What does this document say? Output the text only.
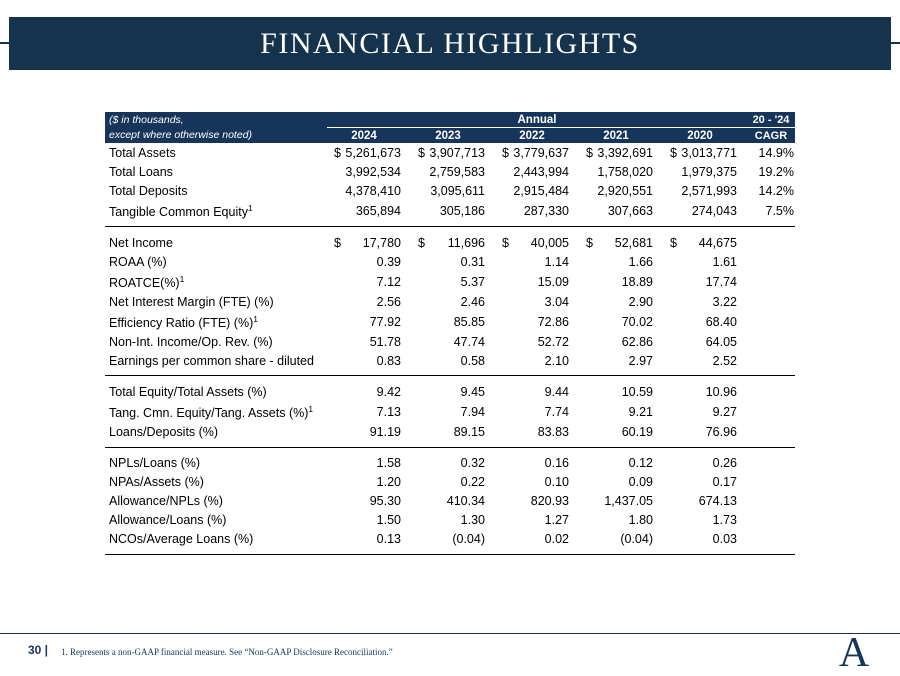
FINANCIAL HIGHLIGHTS
($ in thousands,	Annual					20 - '24
except where otherwise noted)	2024	2023	2022	2021	2020	CAGR
Total Assets	$ 5,261,673	$ 3,907,713	$ 3,779,637	$ 3,392,691	$ 3,013,771	14.9%
Total Loans	3,992,534	2,759,583	2,443,994	1,758,020	1,979,375	19.2%
Total Deposits	4,378,410	3,095,611	2,915,484	2,920,551	2,571,993	14.2%
Tangible Common Equity$^1$	365,894	305,186	287,330	307,663	274,043	7.5%

Net Income	$ 17,780	$ 11,696	$ 40,005	$ 52,681	$ 44,675	

ROAA (%)	0.39	0.31	1.14	1.66	1.61	

ROATCE(%)$^1$	7.12	5.37	15.09	18.89	17.74	

Net Interest Margin (FTE) (%)	2.56	2.46	3.04	2.90	3.22	

Efficiency Ratio (FTE) (%)$^1$	77.92	85.85	72.86	70.02	68.40	

Non-Int. Income/Op. Rev. (%)	51.78	47.74	52.72	62.86	64.05	

Earnings per common share - diluted	0.83	0.58	2.10	2.97	2.52	

Total Equity/Total Assets (%)	9.42	9.45	9.44	10.59	10.96	

Tang. Cmn. Equity/Tang. Assets (%)$^1$	7.13	7.94	7.74	9.21	9.27	

Loans/Deposits (%)	91.19	89.15	83.83	60.19	76.96	

NPLs/Loans (%)	1.58	0.32	0.16	0.12	0.26	

NPAs/Assets (%)	1.20	0.22	0.10	0.09	0.17	

Allowance/NPLs (%)	95.30	410.34	820.93	1,437.05	674.13	

Allowance/Loans (%)	1.50	1.30	1.27	1.80	1.73	

NCOs/Average Loans (%)	0.13	(0.04)	0.02	(0.04)	0.03	

30 | 1. Represents a non-GAAP financial measure. See “Non-GAAP Disclosure Reconciliation.”	A
